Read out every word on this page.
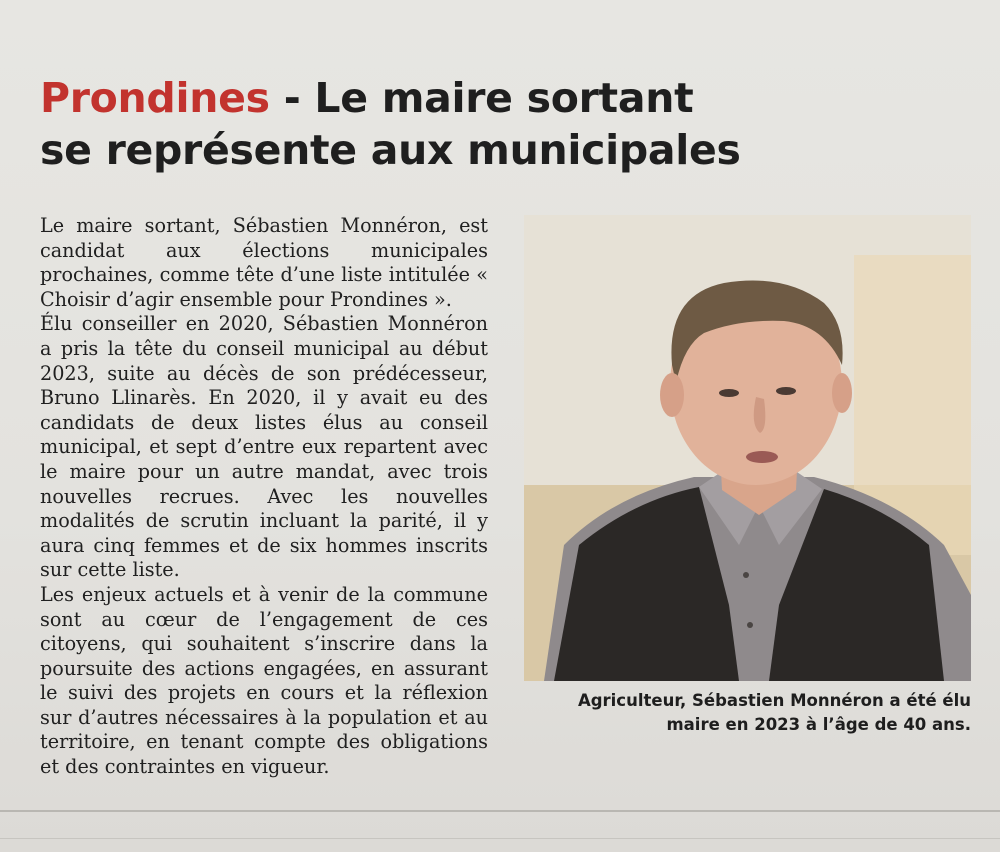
Prondines - Le maire sortant
se représente aux municipales

Le maire sortant, Sébastien Monnéron, est candidat aux élections municipales prochaines, comme tête d’une liste intitulée « Choisir d’agir ensemble pour Prondines ».

Élu conseiller en 2020, Sébastien Monnéron a pris la tête du conseil municipal au début 2023, suite au décès de son prédécesseur, Bruno Llinarès. En 2020, il y avait eu des candidats de deux listes élus au conseil municipal, et sept d’entre eux repartent avec le maire pour un autre mandat, avec trois nouvelles recrues. Avec les nouvelles modalités de scrutin incluant la parité, il y aura cinq femmes et de six hommes inscrits sur cette liste.

Les enjeux actuels et à venir de la commune sont au cœur de l’engagement de ces citoyens, qui souhaitent s’inscrire dans la poursuite des actions engagées, en assurant le suivi des projets en cours et la réflexion sur d’autres nécessaires à la population et au territoire, en tenant compte des obligations et des contraintes en vigueur.

Agriculteur, Sébastien Monnéron a été élu
maire en 2023 à l’âge de 40 ans.
